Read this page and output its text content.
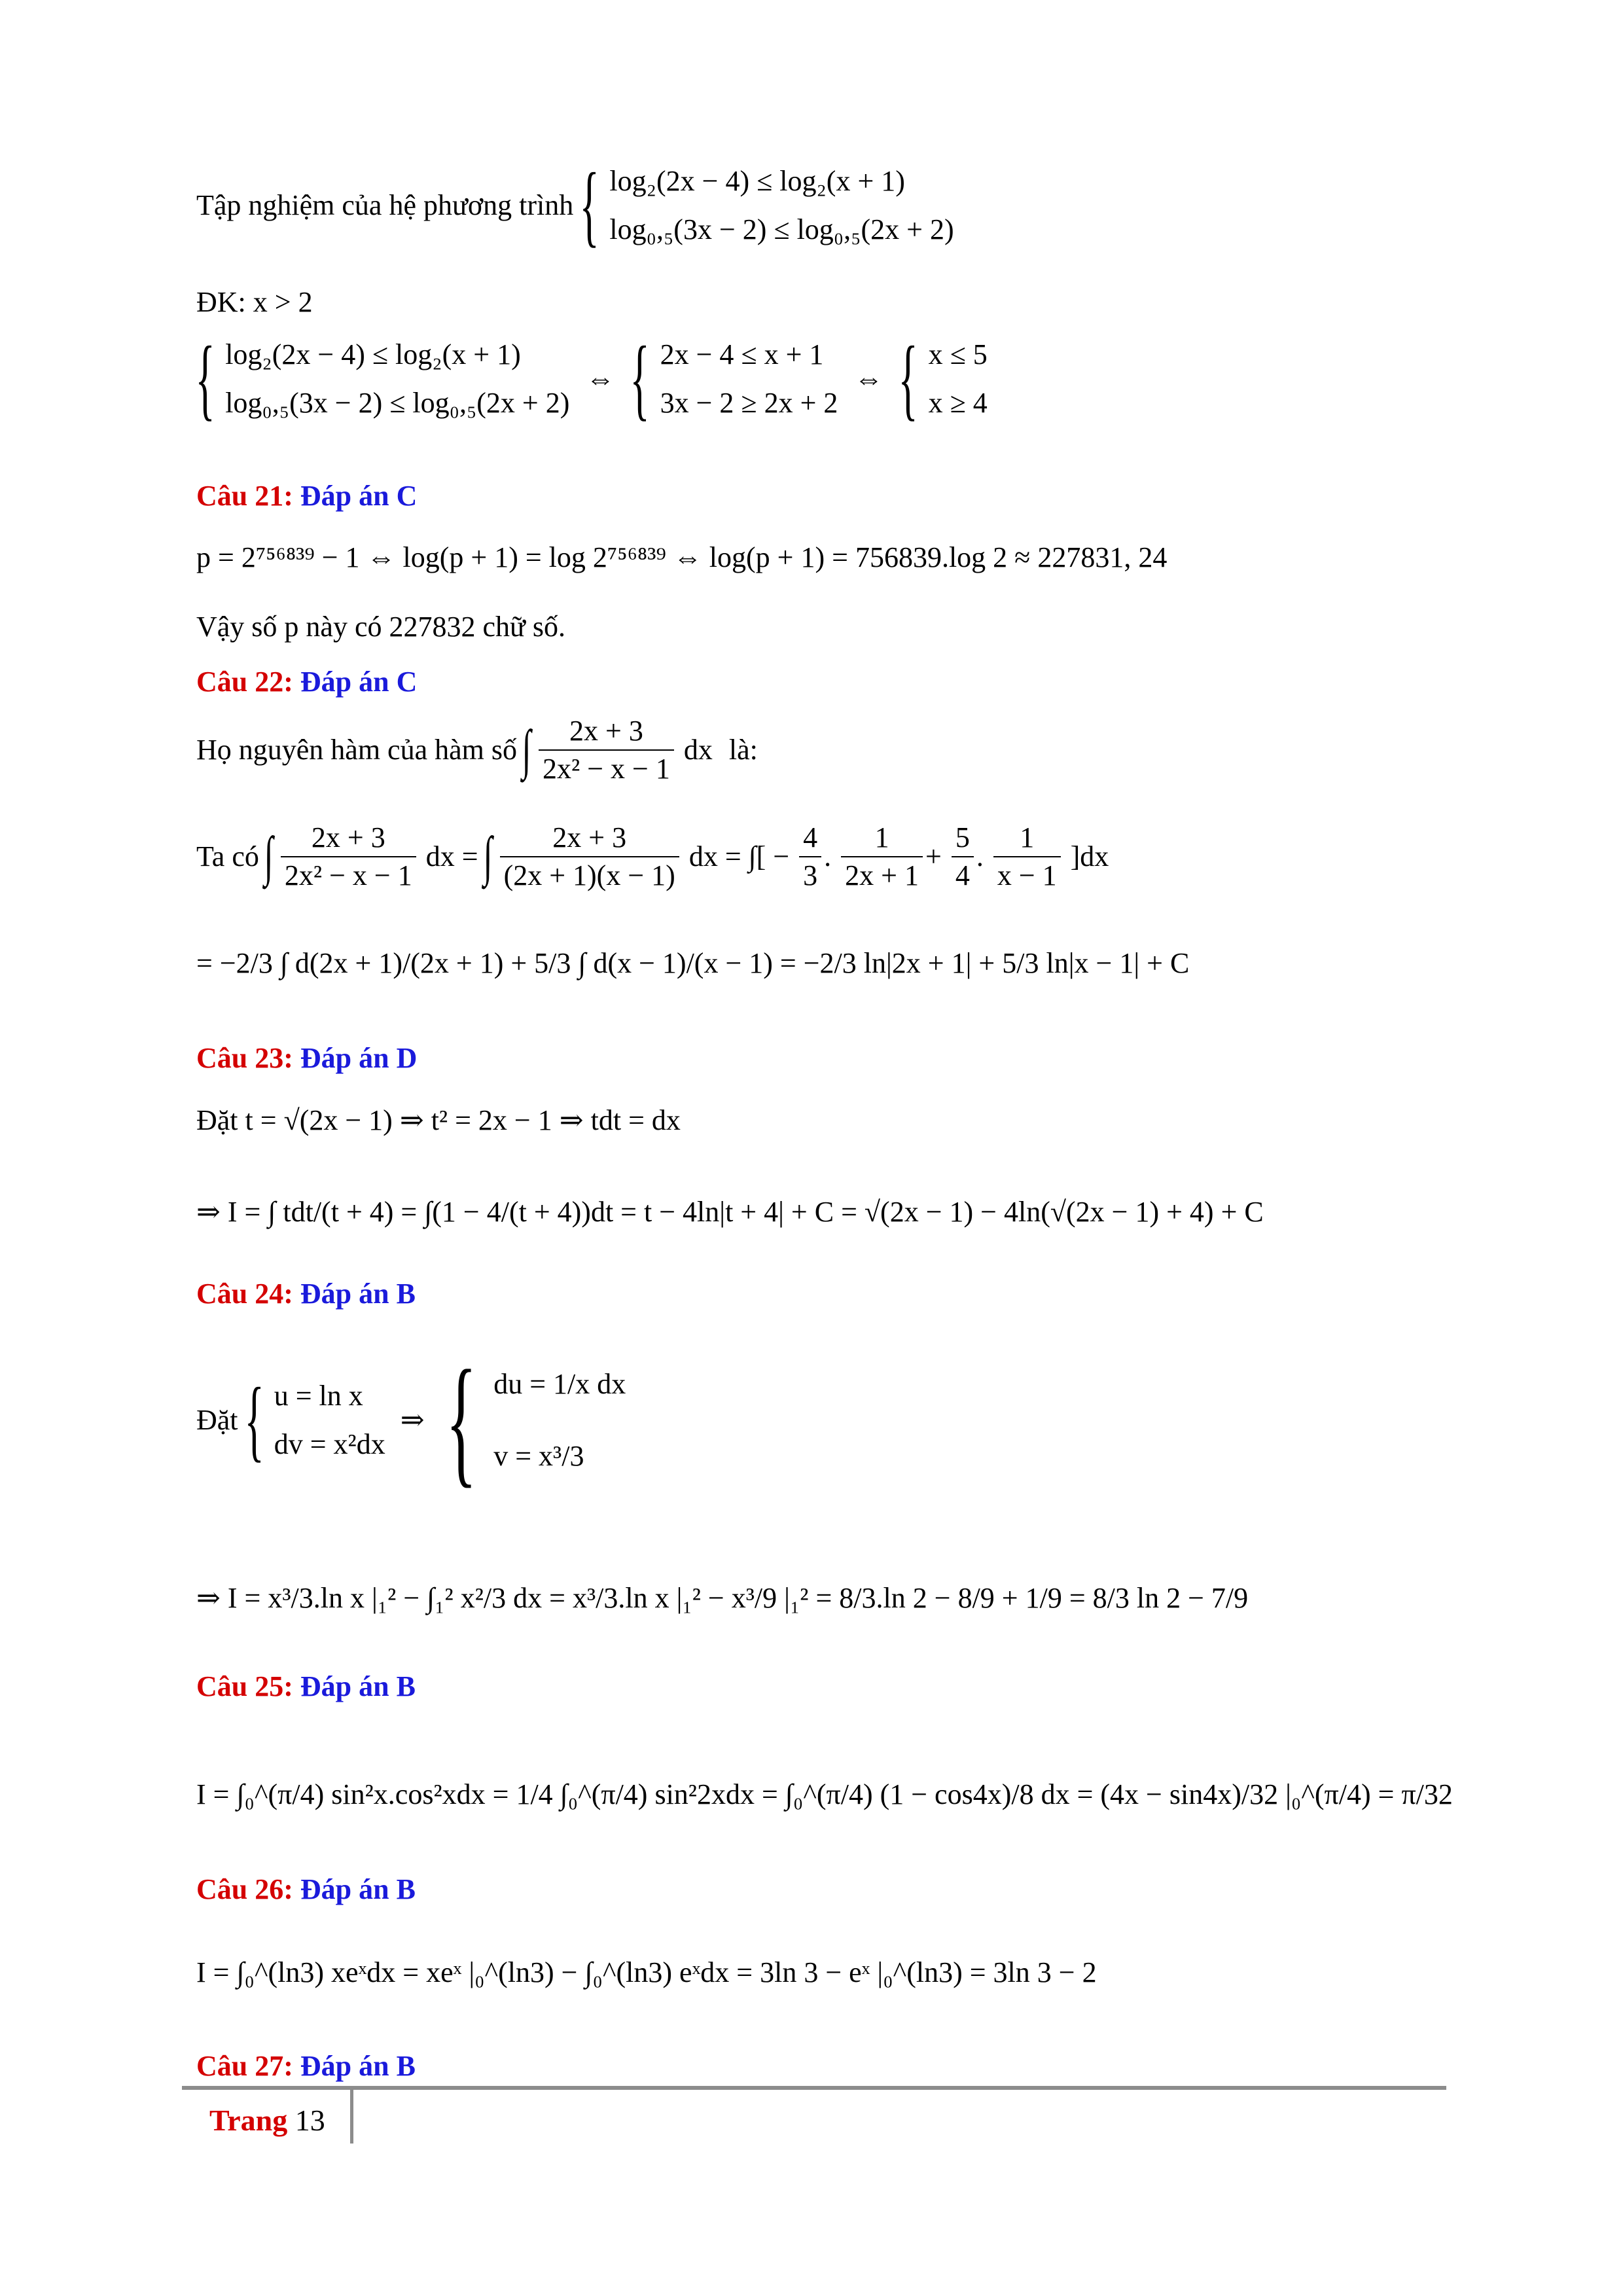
Tập nghiệm của hệ phương trình { log₂(2x − 4) ≤ log₂(x + 1)
log₀,₅(3x − 2) ≤ log₀,₅(2x + 2)
ĐK: x > 2
{ log₂(2x − 4) ≤ log₂(x + 1)
log₀,₅(3x − 2) ≤ log₀,₅(2x + 2)
⇔ { 2x − 4 ≤ x + 1
3x − 2 ≥ 2x + 2
⇔ { x ≤ 5
x ≥ 4
Câu 21: Đáp án C
p = 2⁷⁵⁶⁸³⁹ − 1 ⇔ log(p + 1) = log 2⁷⁵⁶⁸³⁹ ⇔ log(p + 1) = 756839.log 2 ≈ 227831, 24
Vậy số p này có 227832 chữ số.
Câu 22: Đáp án C
Họ nguyên hàm của hàm số ∫ $\frac{2x + 3}{\text{2x² − x − 1}}$ dx là:
Ta có ∫ $\frac{2x + 3}{\text{2x² − x − 1}}$ dx = ∫ $\frac{2x + 3}{(2x + 1)(x - 1)}$ dx = ∫[ − $\frac{4}{3}$ . $\frac{1}{2x + 1} + \frac{5}{4}$ . $\frac{1}{x - 1} ]dx$
= −2/3 ∫ d(2x + 1)/(2x + 1) + 5/3 ∫ d(x − 1)/(x − 1) = −2/3 ln|2x + 1| + 5/3 ln|x − 1| + C
Câu 23: Đáp án D
Đặt t = √(2x − 1) ⇒ t² = 2x − 1 ⇒ tdt = dx
⇒ I = ∫ tdt/(t + 4) = ∫(1 − 4/(t + 4))dt = t − 4ln|t + 4| + C = √(2x − 1) − 4ln(√(2x − 1) + 4) + C
Câu 24: Đáp án B
Đặt { u = ln x
dv = x²dx
⇒ { du = 1/x dx
v = x³/3
⇒ I = x³/3.ln x |₁² − ∫₁² x²/3 dx = x³/3.ln x |₁² − x³/9 |₁² = 8/3.ln 2 − 8/9 + 1/9 = 8/3 ln 2 − 7/9
Câu 25: Đáp án B
I = ∫₀^(π/4) sin²x.cos²xdx = 1/4 ∫₀^(π/4) sin²2xdx = ∫₀^(π/4) (1 − cos4x)/8 dx = (4x − sin4x)/32 |₀^(π/4) = π/32
Câu 26: Đáp án B
I = ∫₀^(ln3) xeˣdx = xeˣ |₀^(ln3) − ∫₀^(ln3) eˣdx = 3ln 3 − eˣ |₀^(ln3) = 3ln 3 − 2
Câu 27: Đáp án B
Trang 13
